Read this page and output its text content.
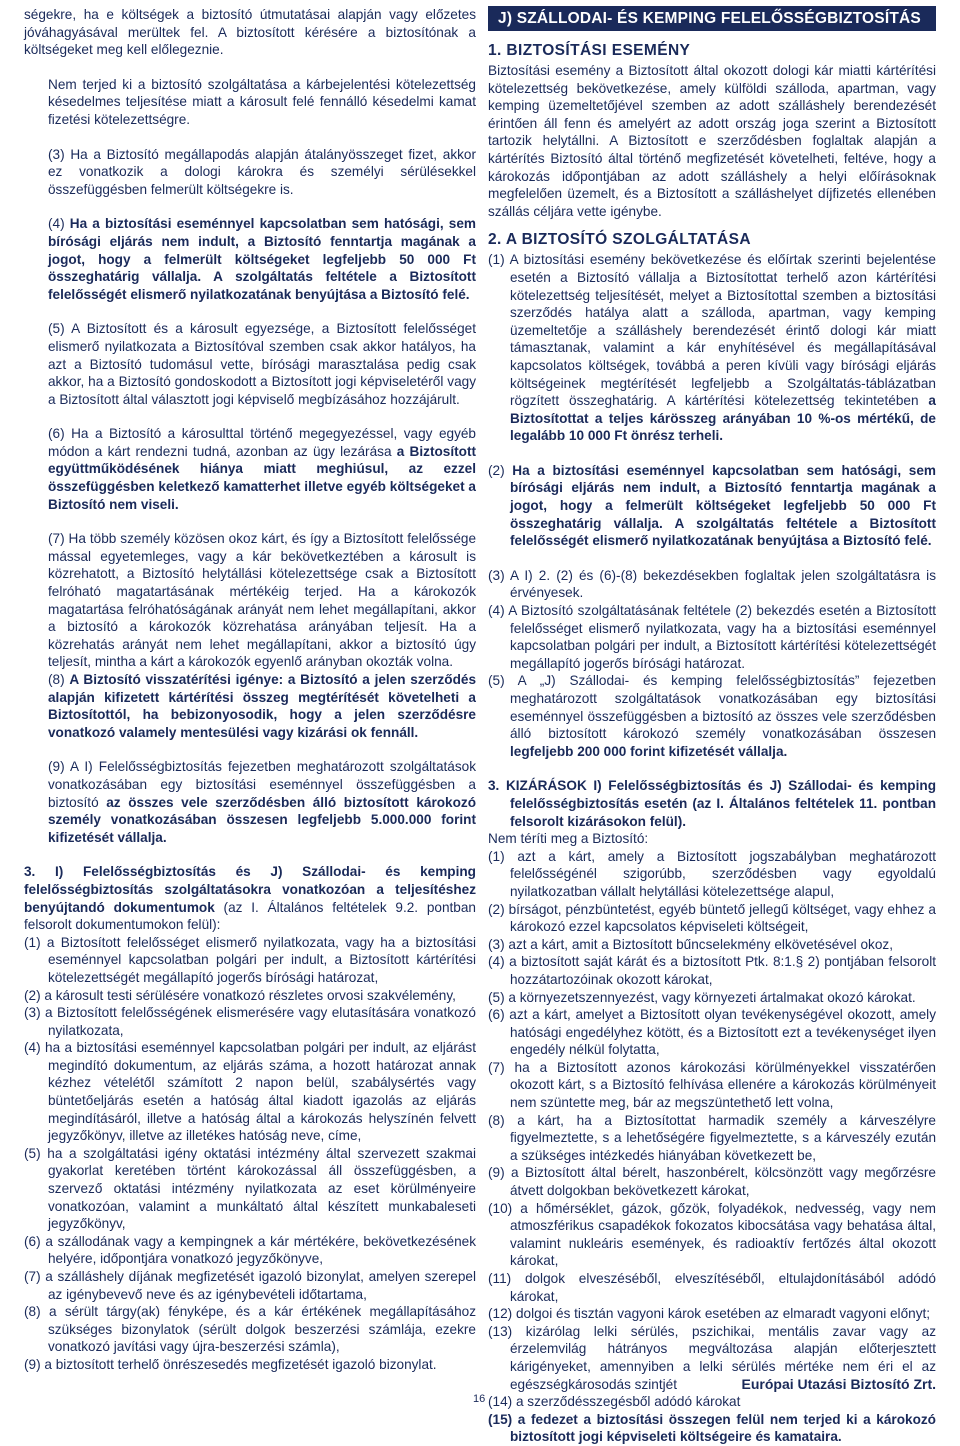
ségekre, ha e költségek a biztosító útmutatásai alapján vagy előzetes jóváhagyásával merültek fel. A biztosított kérésére a biztosítónak a költségeket meg kell előlegeznie.

Nem terjed ki a biztosító szolgáltatása a kárbejelentési kötelezettség késedelmes teljesítése miatt a károsult felé fennálló késedelmi kamat fizetési kötelezettségre.

(3) Ha a Biztosító megállapodás alapján átalányösszeget fizet, akkor ez vonatkozik a dologi károkra és személyi sérülésekkel összefüggésben felmerült költségekre is.

(4) Ha a biztosítási eseménnyel kapcsolatban sem hatósági, sem bírósági eljárás nem indult, a Biztosító fenntartja magának a jogot, hogy a felmerült költségeket legfeljebb 50 000 Ft összeghatárig vállalja. A szolgáltatás feltétele a Biztosított felelősségét elismerő nyilatkozatának benyújtása a Biztosító felé.

(5) A Biztosított és a károsult egyezsége, a Biztosított felelősséget elismerő nyilatkozata a Biztosítóval szemben csak akkor hatályos, ha azt a Biztosító tudomásul vette, bírósági marasztalása pedig csak akkor, ha a Biztosító gondoskodott a Biztosított jogi képviseletéről vagy a Biztosított által választott jogi képviselő megbízásához hozzájárult.

(6) Ha a Biztosító a károsulttal történő megegyezéssel, vagy egyéb módon a kárt rendezni tudná, azonban az ügy lezárása a Biztosított együttműködésének hiánya miatt meghiúsul, az ezzel összefüggésben keletkező kamatterhet illetve egyéb költségeket a Biztosító nem viseli.

(7) Ha több személy közösen okoz kárt, és így a Biztosított felelőssége mással egyetemleges, vagy a kár bekövetkeztében a károsult is közrehatott, a Biztosító helytállási kötelezettsége csak a Biztosított felróható magatartásának mértékéig terjed. Ha a károkozók magatartása felróhatóságának arányát nem lehet megállapítani, akkor a biztosító a károkozók közrehatása arányában teljesít. Ha a közrehatás arányát nem lehet megállapítani, akkor a biztosító úgy teljesít, mintha a kárt a károkozók egyenlő arányban okozták volna.

(8) A Biztosító visszatérítési igénye: a Biztosító a jelen szerződés alapján kifizetett kártérítési összeg megtérítését követelheti a Biztosítottól, ha bebizonyosodik, hogy a jelen szerződésre vonatkozó valamely mentesülési vagy kizárási ok fennáll.

(9) A I) Felelősségbiztosítás fejezetben meghatározott szolgáltatások vonatkozásában egy biztosítási eseménnyel összefüggésben a biztosító az összes vele szerződésben álló biztosított károkozó személy vonatkozásában összesen legfeljebb 5.000.000 forint kifizetését vállalja.

3. I) Felelősségbiztosítás és J) Szállodai- és kemping felelősségbiztosítás szolgáltatásokra vonatkozóan a teljesítéshez benyújtandó dokumentumok (az I. Általános feltételek 9.2. pontban felsorolt dokumentumokon felül):

(1) a Biztosított felelősséget elismerő nyilatkozata, vagy ha a biztosítási eseménnyel kapcsolatban polgári per indult, a Biztosított kártérítési kötelezettségét megállapító jogerős bírósági határozat,

(2) a károsult testi sérülésére vonatkozó részletes orvosi szakvélemény,

(3) a Biztosított felelősségének elismerésére vagy elutasítására vonatkozó nyilatkozata,

(4) ha a biztosítási eseménnyel kapcsolatban polgári per indult, az eljárást megindító dokumentum, az eljárás száma, a hozott határozat annak kézhez vételétől számított 2 napon belül, szabálysértés vagy büntetőeljárás esetén a hatóság által kiadott igazolás az eljárás megindításáról, illetve a hatóság által a károkozás helyszínén felvett jegyzőkönyv, illetve az illetékes hatóság neve, címe,

(5) ha a szolgáltatási igény oktatási intézmény által szervezett szakmai gyakorlat keretében történt károkozással áll összefüggésben, a szervező oktatási intézmény nyilatkozata az eset körülményeire vonatkozóan, valamint a munkáltató által készített munkabaleseti jegyzőkönyv,

(6) a szállodának vagy a kempingnek a kár mértékére, bekövetkezésének helyére, időpontjára vonatkozó jegyzőkönyve,

(7) a szálláshely díjának megfizetését igazoló bizonylat, amelyen szerepel az igénybevevő neve és az igénybevételi időtartama,

(8) a sérült tárgy(ak) fényképe, és a kár értékének megállapításához szükséges bizonylatok (sérült dolgok beszerzési számlája, ezekre vonatkozó javítási vagy újra-beszerzési számla),

(9) a biztosított terhelő önrészesedés megfizetését igazoló bizonylat.

J) SZÁLLODAI- ÉS KEMPING FELELŐSSÉGBIZTOSÍTÁS
1. BIZTOSÍTÁSI ESEMÉNY

Biztosítási esemény a Biztosított által okozott dologi kár miatti kártérítési kötelezettség bekövetkezése, amely külföldi szálloda, apartman, vagy kemping üzemeltetőjével szemben az adott szálláshely berendezését érintően áll fenn és amelyért az adott ország joga szerint a Biztosított tartozik helytállni. A Biztosított e szerződésben foglaltak alapján a kártérítés Biztosító által történő megfizetését követelheti, feltéve, hogy a károkozás időpontjában az adott szálláshely a helyi előírásoknak megfelelően üzemelt, és a Biztosított a szálláshelyet díjfizetés ellenében szállás céljára vette igénybe.

2. A BIZTOSÍTÓ SZOLGÁLTATÁSA

(1) A biztosítási esemény bekövetkezése és előírtak szerinti bejelentése esetén a Biztosító vállalja a Biztosítottat terhelő azon kártérítési kötelezettség teljesítését, melyet a Biztosítottal szemben a biztosítási szerződés hatálya alatt a szálloda, apartman, vagy kemping üzemeltetője a szálláshely berendezését érintő dologi kár miatt támasztanak, valamint a kár enyhítésével és megállapításával kapcsolatos költségek, továbbá a peren kívüli vagy bírósági eljárás költségeinek megtérítését legfeljebb a Szolgáltatás-táblázatban rögzített összeghatárig. A kártérítési kötelezettség tekintetében a Biztosítottat a teljes kárösszeg arányában 10 %-os mértékű, de legalább 10 000 Ft önrész terheli.

(2) Ha a biztosítási eseménnyel kapcsolatban sem hatósági, sem bírósági eljárás nem indult, a Biztosító fenntartja magának a jogot, hogy a felmerült költségeket legfeljebb 50 000 Ft összeghatárig vállalja. A szolgáltatás feltétele a Biztosított felelősségét elismerő nyilatkozatának benyújtása a Biztosító felé.

(3) A I) 2. (2) és (6)-(8) bekezdésekben foglaltak jelen szolgáltatásra is érvényesek.

(4) A Biztosító szolgáltatásának feltétele (2) bekezdés esetén a Biztosított felelősséget elismerő nyilatkozata, vagy ha a biztosítási eseménnyel kapcsolatban polgári per indult, a Biztosított kártérítési kötelezettségét megállapító jogerős bírósági határozat.

(5) A „J) Szállodai- és kemping felelősségbiztosítás” fejezetben meghatározott szolgáltatások vonatkozásában egy biztosítási eseménnyel összefüggésben a biztosító az összes vele szerződésben álló biztosított károkozó személy vonatkozásában összesen legfeljebb 200 000 forint kifizetését vállalja.

3. KIZÁRÁSOK I) Felelősségbiztosítás és J) Szállodai- és kemping felelősségbiztosítás esetén (az I. Általános feltételek 11. pontban felsorolt kizárásokon felül).

Nem téríti meg a Biztosító:

(1) azt a kárt, amely a Biztosított jogszabályban meghatározott felelősségénél szigorúbb, szerződésben vagy egyoldalú nyilatkozatban vállalt helytállási kötelezettsége alapul,

(2) bírságot, pénzbüntetést, egyéb büntető jellegű költséget, vagy ehhez a károkozó ezzel kapcsolatos képviseleti költségeit,

(3) azt a kárt, amit a Biztosított bűncselekmény elkövetésével okoz,

(4) a biztosított saját kárát és a biztosított Ptk. 8:1.§ 2) pontjában felsorolt hozzátartozóinak okozott károkat,

(5) a környezetszennyezést, vagy környezeti ártalmakat okozó károkat.

(6) azt a kárt, amelyet a Biztosított olyan tevékenységével okozott, amely hatósági engedélyhez kötött, és a Biztosított ezt a tevékenységet ilyen engedély nélkül folytatta,

(7) ha a Biztosított azonos károkozási körülményekkel visszatérően okozott kárt, s a Biztosító felhívása ellenére a károkozás körülményeit nem szüntette meg, bár az megszüntethető lett volna,

(8) a kárt, ha a Biztosítottat harmadik személy a kárveszélyre figyelmeztette, s a lehetőségére figyelmeztette, s a kárveszély ezután a szükséges intézkedés hiányában következett be,

(9) a Biztosított által bérelt, haszonbérelt, kölcsönzött vagy megőrzésre átvett dolgokban bekövetkezett károkat,

(10) a hőmérséklet, gázok, gőzök, folyadékok, nedvesség, vagy nem atmoszférikus csapadékok fokozatos kibocsátása vagy behatása által, valamint nukleáris események, és radioaktív fertőzés által okozott károkat,

(11) dolgok elveszéséből, elveszítéséből, eltulajdonításából adódó károkat,

(12) dolgoi és tisztán vagyoni károk esetében az elmaradt vagyoni előnyt;

(13) kizárólag lelki sérülés, pszichikai, mentális zavar vagy az érzelemvilág hátrányos megváltozása alapján előterjesztett kárigényeket, amennyiben a lelki sérülés mértéke nem éri el az egészségkárosodás szintjét

(14) a szerződésszegésből adódó károkat

(15) a fedezet a biztosítási összegen felül nem terjed ki a károkozó biztosított jogi képviseleti költségeire és kamataira.

16
Európai Utazási Biztosító Zrt.
